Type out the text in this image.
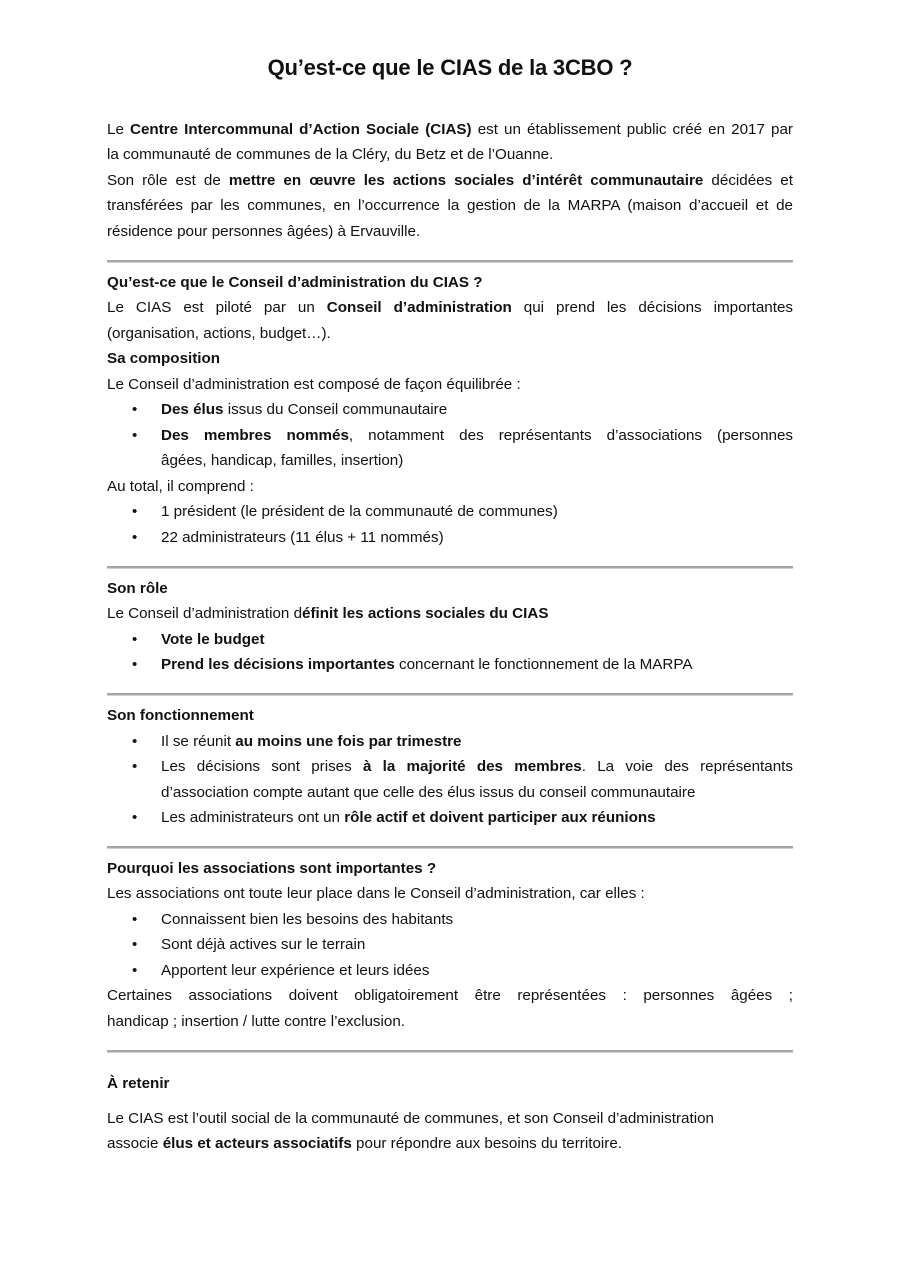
Qu’est-ce que le CIAS de la 3CBO ?
Le Centre Intercommunal d’Action Sociale (CIAS) est un établissement public créé en 2017 par
la communauté de communes de la Cléry, du Betz et de l’Ouanne.
Son rôle est de mettre en œuvre les actions sociales d’intérêt communautaire décidées et
transférées par les communes, en l’occurrence la gestion de la MARPA (maison d’accueil et de
résidence pour personnes âgées) à Ervauville.
Qu’est-ce que le Conseil d’administration du CIAS ?
Le CIAS est piloté par un Conseil d’administration qui prend les décisions importantes
(organisation, actions, budget…).
Sa composition
Le Conseil d’administration est composé de façon équilibrée :
• Des élus issus du Conseil communautaire
• Des membres nommés, notamment des représentants d’associations (personnes
âgées, handicap, familles, insertion)
Au total, il comprend :
• 1 président (le président de la communauté de communes)
• 22 administrateurs (11 élus + 11 nommés)
Son rôle
Le Conseil d’administration définit les actions sociales du CIAS
• Vote le budget
• Prend les décisions importantes concernant le fonctionnement de la MARPA
Son fonctionnement
• Il se réunit au moins une fois par trimestre
• Les décisions sont prises à la majorité des membres. La voie des représentants
d’association compte autant que celle des élus issus du conseil communautaire
• Les administrateurs ont un rôle actif et doivent participer aux réunions
Pourquoi les associations sont importantes ?
Les associations ont toute leur place dans le Conseil d’administration, car elles :
• Connaissent bien les besoins des habitants
• Sont déjà actives sur le terrain
• Apportent leur expérience et leurs idées
Certaines associations doivent obligatoirement être représentées : personnes âgées ;
handicap ; insertion / lutte contre l’exclusion.
À retenir
Le CIAS est l’outil social de la communauté de communes, et son Conseil d’administration
associe élus et acteurs associatifs pour répondre aux besoins du territoire.
